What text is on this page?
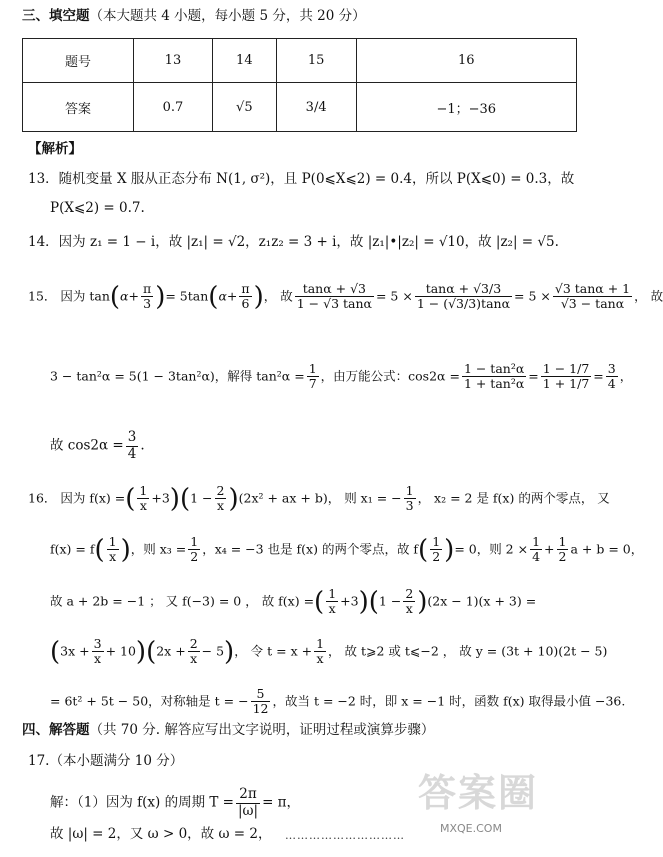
三、填空题（本大题共 4 小题，每小题 5 分，共 20 分）
题号	13	14	15	16
答案	0.7	√5	3/4	−1；−36
【解析】
13．随机变量 X 服从正态分布 N(1, σ²)，且 P(0⩽X⩽2) = 0.4，所以 P(X⩽0) = 0.3，故
P(X⩽2) = 0.7.
14．因为 z₁ = 1 − i，故 |z₁| = √2，z₁z₂ = 3 + i，故 |z₁|•|z₂| = √10，故 |z₂| = √5.
15． 因为 $\tan(\alpha+ \frac{\pi}{3}$ )= $5\tan(\alpha+ \frac{\pi}{6}$ )， 故 $\frac{\tan\alpha + √3}{1 - √3 \tan\alpha} = 5 \times \frac{\tan\alpha + √3/3}{1 - (√3/3)\tan\alpha} = 5 \times \frac{√3 \tan\alpha + 1}{√3 - \tan\alpha}$ ， 故
3 − tan²α = 5(1 − 3tan²α)，解得 $\tan^2\alpha = \frac{1}{7}$ ，由万能公式：$\cos 2\alpha = \frac{\text{1 − tan²α}}{\text{1 + tan²α}} = \frac{1 - 1/7}{1 + 1/7} = \frac{3}{4}$ ，
故 $\cos 2\alpha = \frac{3}{4}$ .
16． 因为 f(x) =( $\frac{1}{x} +3)(1 - \frac{2}{x} )(2x^2$ + ax + b)， 则 x₁ = − $\frac{1}{3}$ ， x₂ = 2 是 f(x) 的两个零点， 又
$f(x) = f( \frac{1}{x}$ )，则 $x_3 = \frac{1}{2}$ ，x₄ = −3 也是 f(x) 的两个零点，故 $f( \frac{1}{2}$ )= 0，则 $2 \times \frac{1}{4} + \frac{1}{2}$ a + b = 0，
故 a + 2b = −1 ； 又 f(−3) = 0 ， 故 f(x) =( $\frac{1}{x} +3)(1 - \frac{2}{x} )(2x - 1)(x + 3)$ =
$(3x + \frac{3}{x} + 10)(2x + \frac{2}{x} - 5)$， 令 $t = x + \frac{1}{x}$ ， 故 t⩾2 或 t⩽−2 ， 故 y = (3t + 10)(2t − 5)
= 6t² + 5t − 50，对称轴是 t = − $\frac{5}{12}$ ，故当 t = −2 时，即 x = −1 时，函数 f(x) 取得最小值 −36.
四、解答题（共 70 分. 解答应写出文字说明，证明过程或演算步骤）
17.（本小题满分 10 分）
解：（1）因为 f(x) 的周期 $T = \frac{2\pi}{|\omega|} = \pi$，
故 |ω| = 2，又 ω > 0，故 ω = 2， …………………………
答案圈
MXQE.COM
